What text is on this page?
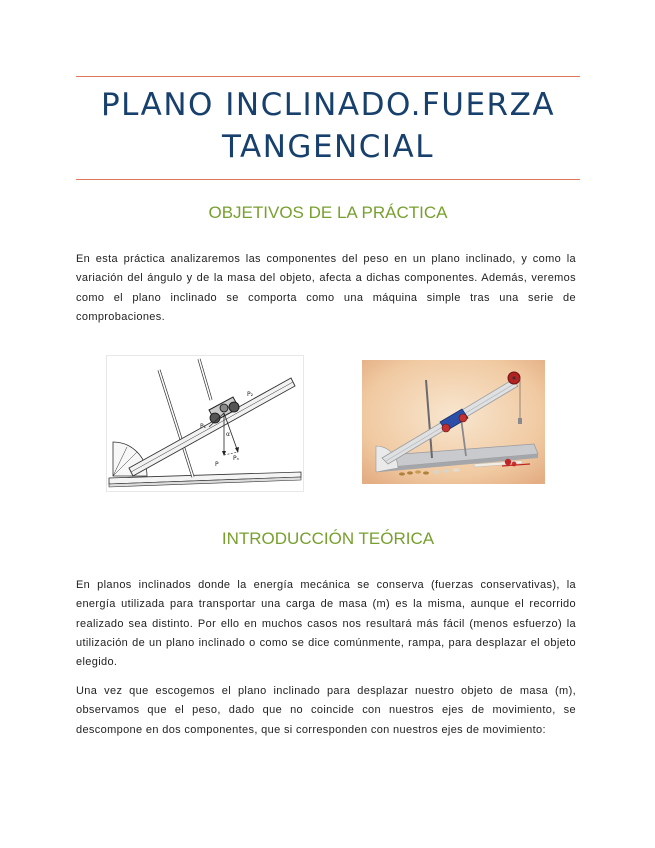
PLANO INCLINADO.FUERZA TANGENCIAL
OBJETIVOS DE LA PRÁCTICA

En esta práctica analizaremos las componentes del peso en un plano inclinado, y como la variación del ángulo y de la masa del objeto, afecta a dichas componentes. Además, veremos como el plano inclinado se comporta como una máquina simple tras una serie de comprobaciones.

P₁
P
α
Pₙ
P₂
INTRODUCCIÓN TEÓRICA

En planos inclinados donde la energía mecánica se conserva (fuerzas conservativas), la energía utilizada para transportar una carga de masa (m) es la misma, aunque el recorrido realizado sea distinto. Por ello en muchos casos nos resultará más fácil (menos esfuerzo) la utilización de un plano inclinado o como se dice comúnmente, rampa, para desplazar el objeto elegido.

Una vez que escogemos el plano inclinado para desplazar nuestro objeto de masa (m), observamos que el peso, dado que no coincide con nuestros ejes de movimiento, se descompone en dos componentes, que si corresponden con nuestros ejes de movimiento:
